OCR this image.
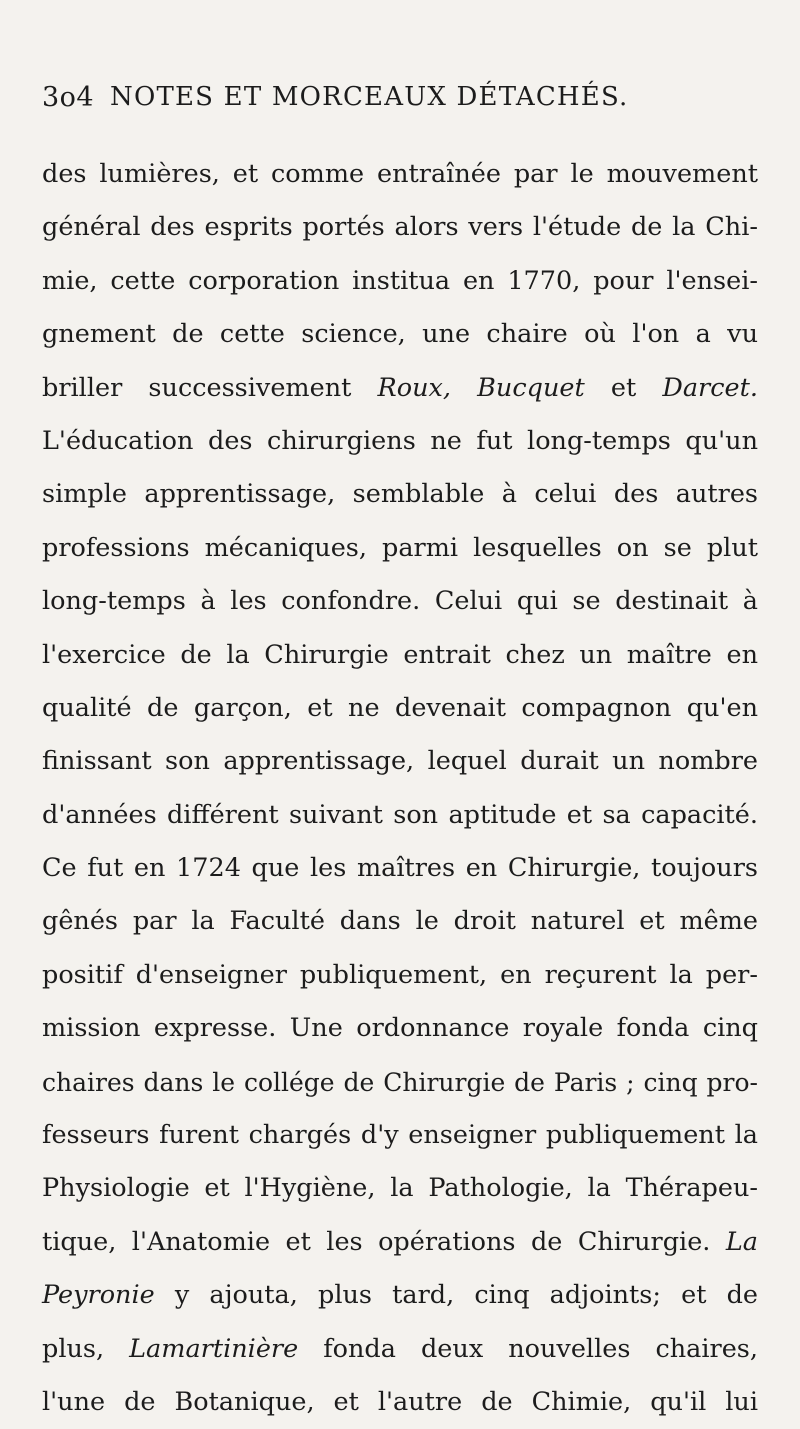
3o4 NOTES ET MORCEAUX DÉTACHÉS.
des lumières, et comme entraînée par le mouvement
général des esprits portés alors vers l'étude de la Chi-
mie, cette corporation institua en 1770, pour l'ensei-
gnement de cette science, une chaire où l'on a vu
briller successivement Roux, Bucquet et Darcet.
L'éducation des chirurgiens ne fut long-temps qu'un
simple apprentissage, semblable à celui des autres
professions mécaniques, parmi lesquelles on se plut
long-temps à les confondre. Celui qui se destinait à
l'exercice de la Chirurgie entrait chez un maître en
qualité de garçon, et ne devenait compagnon qu'en
finissant son apprentissage, lequel durait un nombre
d'années différent suivant son aptitude et sa capacité.
Ce fut en 1724 que les maîtres en Chirurgie, toujours
gênés par la Faculté dans le droit naturel et même
positif d'enseigner publiquement, en reçurent la per-
mission expresse. Une ordonnance royale fonda cinq
chaires dans le collége de Chirurgie de Paris ; cinq pro-
fesseurs furent chargés d'y enseigner publiquement la
Physiologie et l'Hygiène, la Pathologie, la Thérapeu-
tique, l'Anatomie et les opérations de Chirurgie. La
Peyronie y ajouta, plus tard, cinq adjoints; et de
plus, Lamartinière fonda deux nouvelles chaires,
l'une de Botanique, et l'autre de Chimie, qu'il lui
